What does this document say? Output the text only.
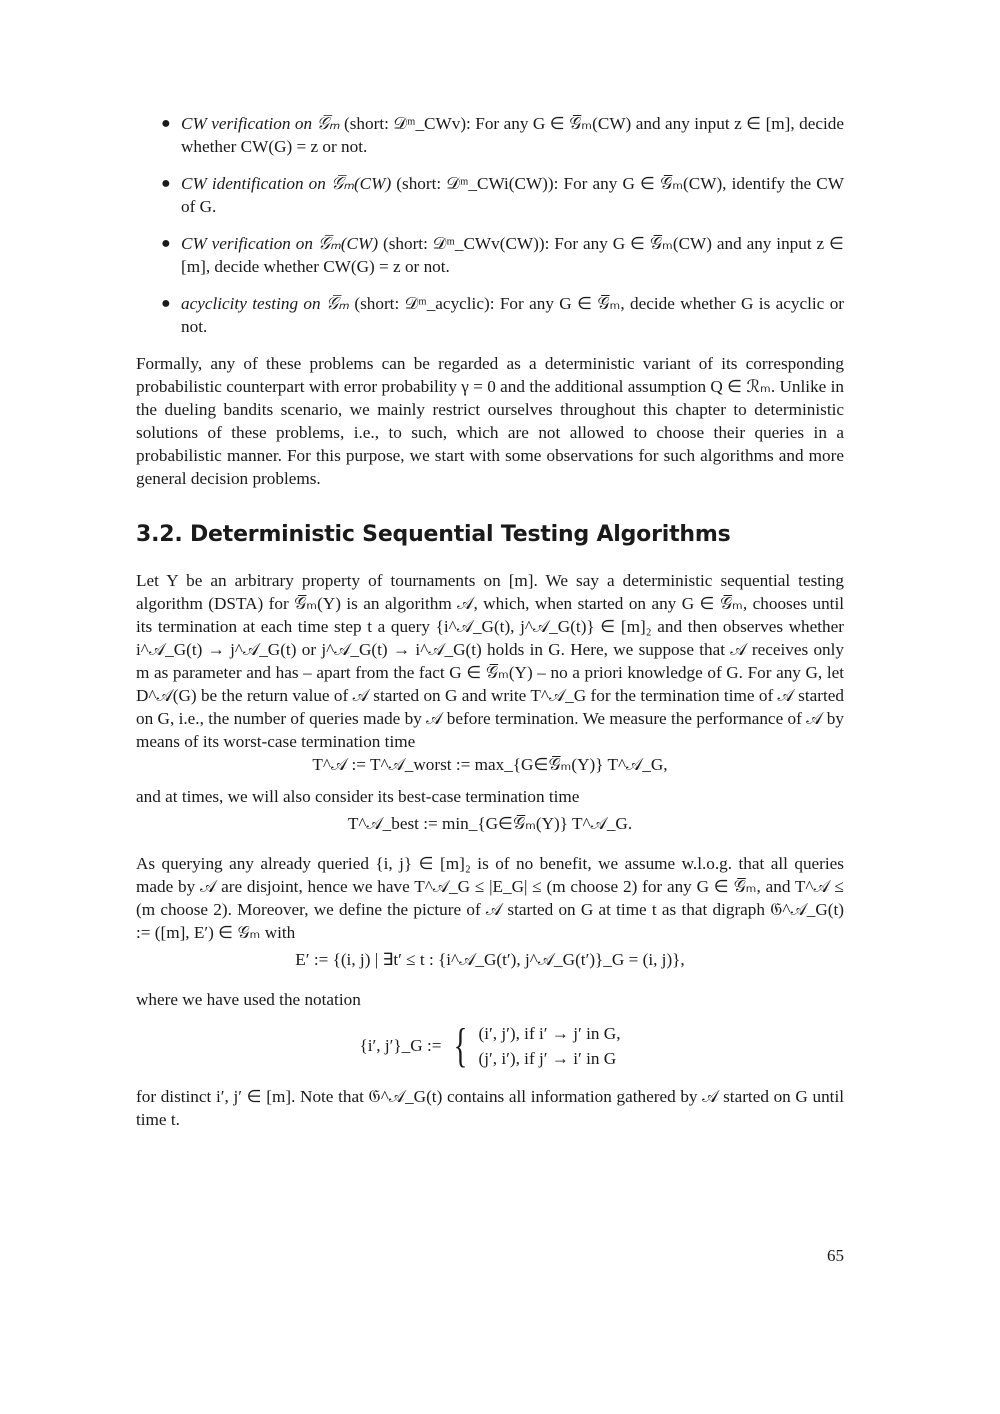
● CW verification on 𝒢̅ₘ (short: 𝒟ᵐ_CWv): For any G ∈ 𝒢̅ₘ(CW) and any input z ∈ [m], decide whether CW(G) = z or not.
● CW identification on 𝒢̅ₘ(CW) (short: 𝒟ᵐ_CWi(CW)): For any G ∈ 𝒢̅ₘ(CW), identify the CW of G.
● CW verification on 𝒢̅ₘ(CW) (short: 𝒟ᵐ_CWv(CW)): For any G ∈ 𝒢̅ₘ(CW) and any input z ∈ [m], decide whether CW(G) = z or not.
● acyclicity testing on 𝒢̅ₘ (short: 𝒟ᵐ_acyclic): For any G ∈ 𝒢̅ₘ, decide whether G is acyclic or not.

Formally, any of these problems can be regarded as a deterministic variant of its corresponding probabilistic counterpart with error probability γ = 0 and the additional assumption Q ∈ ℛₘ. Unlike in the dueling bandits scenario, we mainly restrict ourselves throughout this chapter to deterministic solutions of these problems, i.e., to such, which are not allowed to choose their queries in a probabilistic manner. For this purpose, we start with some observations for such algorithms and more general decision problems.

3.2. Deterministic Sequential Testing Algorithms

Let Y be an arbitrary property of tournaments on [m]. We say a deterministic sequential testing algorithm (DSTA) for 𝒢̅ₘ(Y) is an algorithm 𝒜, which, when started on any G ∈ 𝒢̅ₘ, chooses until its termination at each time step t a query {i^𝒜_G(t), j^𝒜_G(t)} ∈ [m]₂ and then observes whether i^𝒜_G(t) → j^𝒜_G(t) or j^𝒜_G(t) → i^𝒜_G(t) holds in G. Here, we suppose that 𝒜 receives only m as parameter and has – apart from the fact G ∈ 𝒢̅ₘ(Y) – no a priori knowledge of G. For any G, let D^𝒜(G) be the return value of 𝒜 started on G and write T^𝒜_G for the termination time of 𝒜 started on G, i.e., the number of queries made by 𝒜 before termination. We measure the performance of 𝒜 by means of its worst-case termination time

T^𝒜 := T^𝒜_worst := max_{G∈𝒢̅ₘ(Y)} T^𝒜_G,

and at times, we will also consider its best-case termination time

T^𝒜_best := min_{G∈𝒢̅ₘ(Y)} T^𝒜_G.

As querying any already queried {i, j} ∈ [m]₂ is of no benefit, we assume w.l.o.g. that all queries made by 𝒜 are disjoint, hence we have T^𝒜_G ≤ |E_G| ≤ (m choose 2) for any G ∈ 𝒢̅ₘ, and T^𝒜 ≤ (m choose 2). Moreover, we define the picture of 𝒜 started on G at time t as that digraph 𝔊^𝒜_G(t) := ([m], E′) ∈ 𝒢ₘ with

E′ := {(i, j) | ∃t′ ≤ t : {i^𝒜_G(t′), j^𝒜_G(t′)}_G = (i, j)},

where we have used the notation

{i′, j′}_G := { (i′, j′), if i′ → j′ in G,
(j′, i′), if j′ → i′ in G

for distinct i′, j′ ∈ [m]. Note that 𝔊^𝒜_G(t) contains all information gathered by 𝒜 started on G until time t.

65
